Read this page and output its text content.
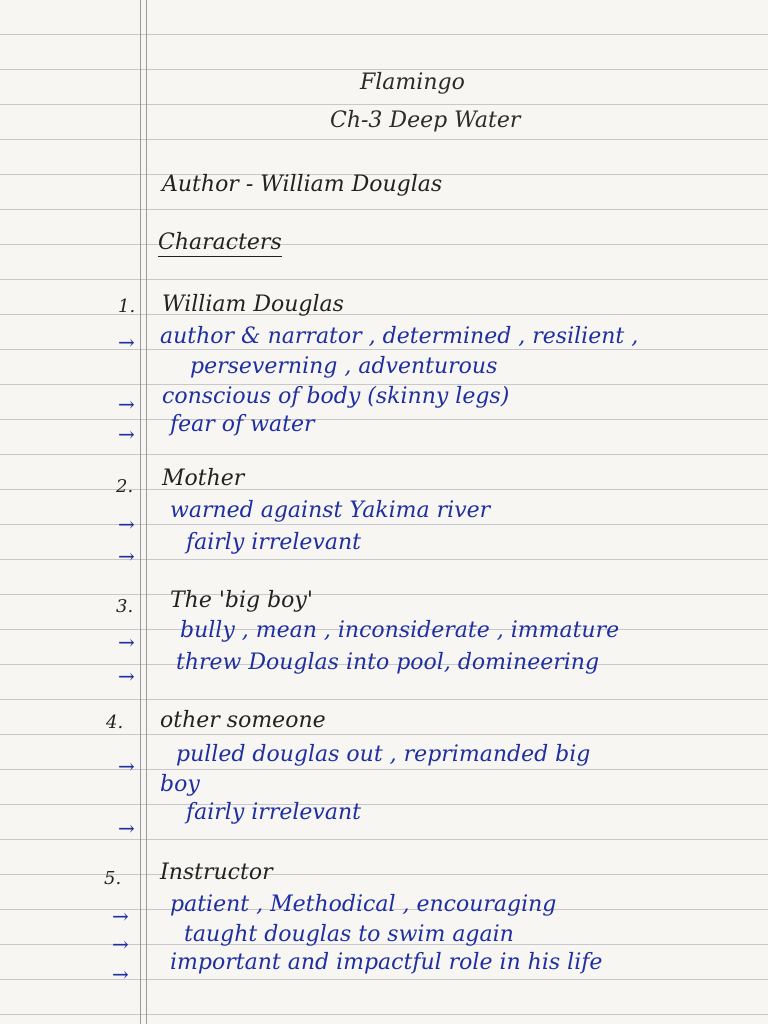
Flamingo
Ch-3 Deep Water
Author - William Douglas
Characters
1. William Douglas
→ author & narrator , determined , resilient ,
perseverning , adventurous
→ conscious of body (skinny legs)
→ fear of water
2. Mother
→
warned against Yakima river
→
fairly irrelevant
3. The 'big boy'
→ bully , mean , inconsiderate , immature
→
threw Douglas into pool, domineering
4. other someone
→ pulled douglas out , reprimanded big
boy
→
fairly irrelevant
5. Instructor
→ patient , Methodical , encouraging
→	taught douglas to swim again
→ important and impactful role in his life
